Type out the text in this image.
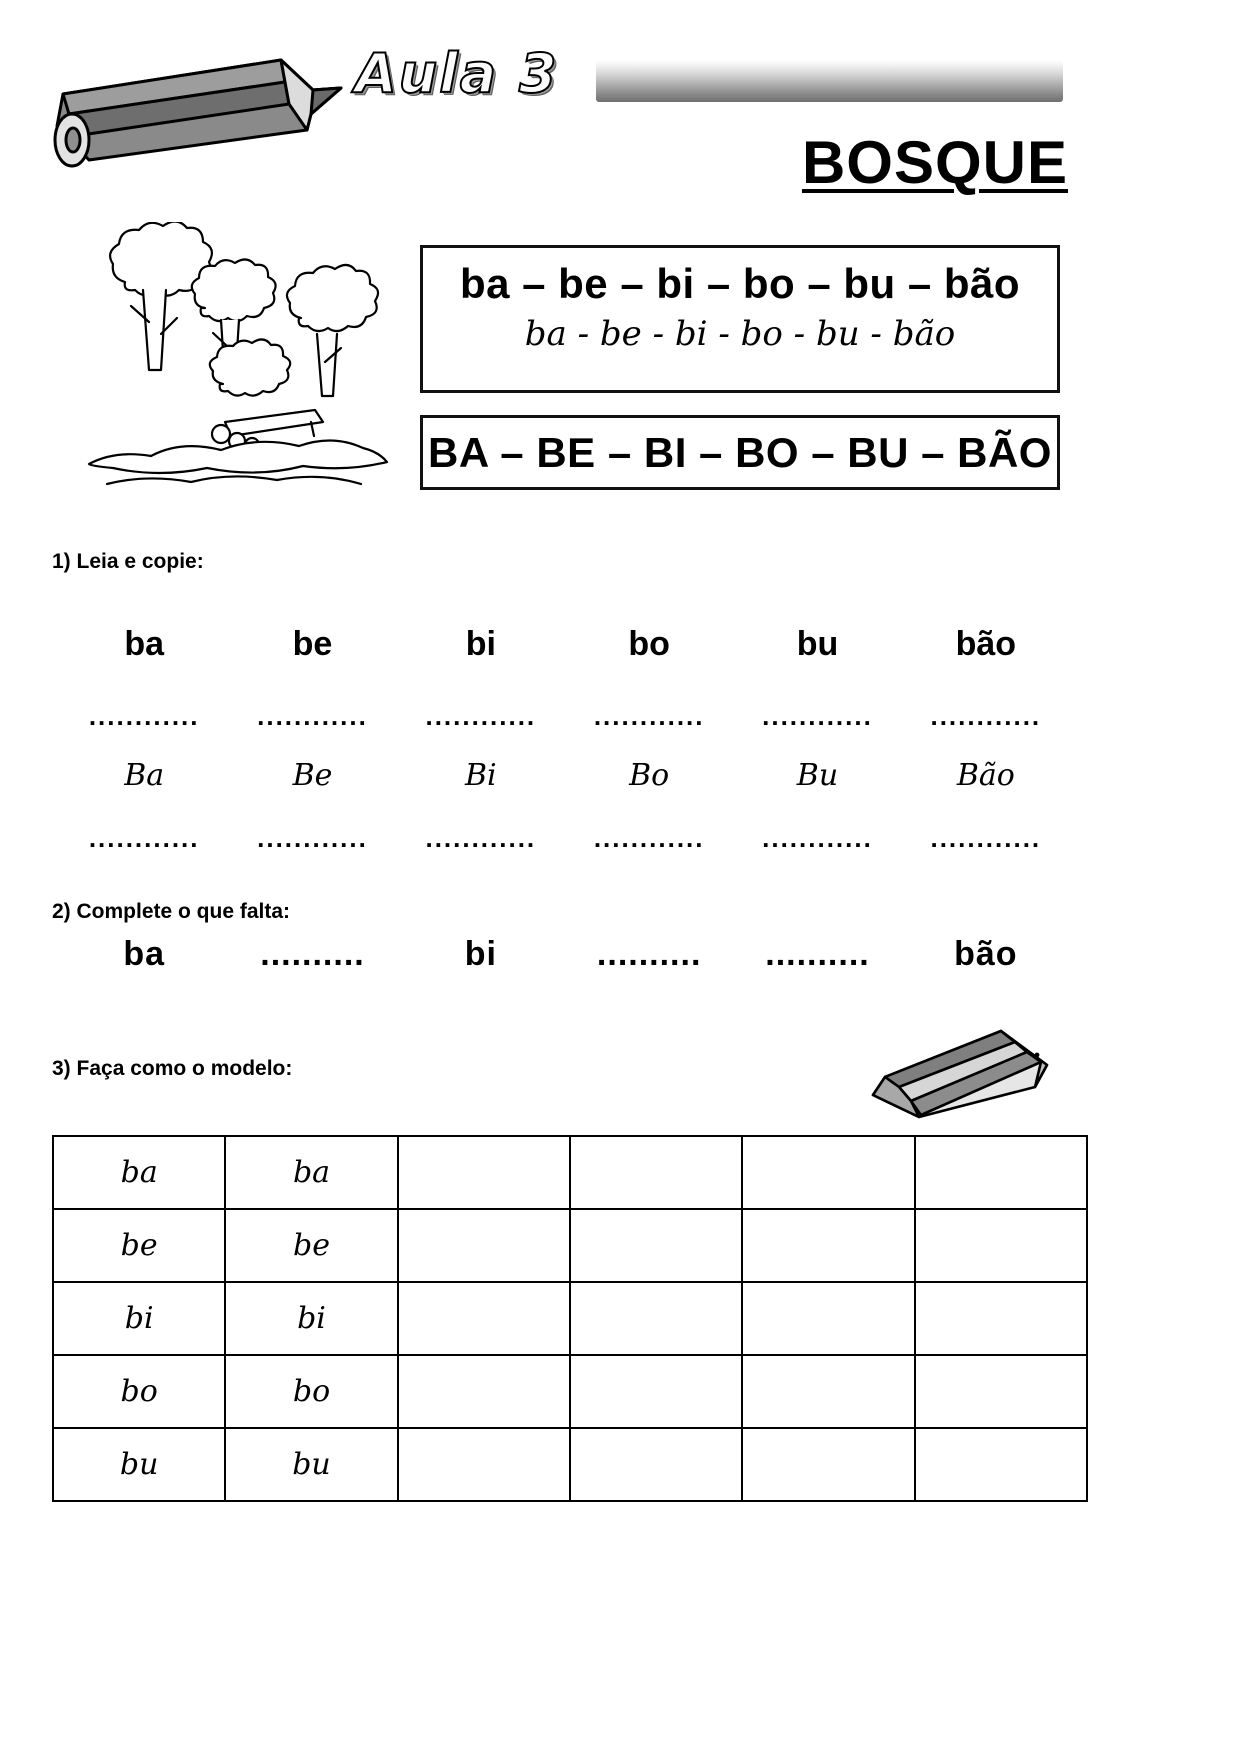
Aula 3
BOSQUE
ba – be – bi – bo – bu – bão
ba - be - bi - bo - bu - bão
BA – BE – BI – BO – BU – BÃO
1) Leia e copie:
ba	be	bi	bo	bu	bão
............	............	............	............	............	............
Ba	Be	Bi	Bo	Bu	Bão
............	............	............	............	............	............
2) Complete o que falta:
ba	..........	bi	..........	..........	bão
3) Faça como o modelo:
ba	ba				
be	be				
bi	bi				
bo	bo				
bu	bu				
